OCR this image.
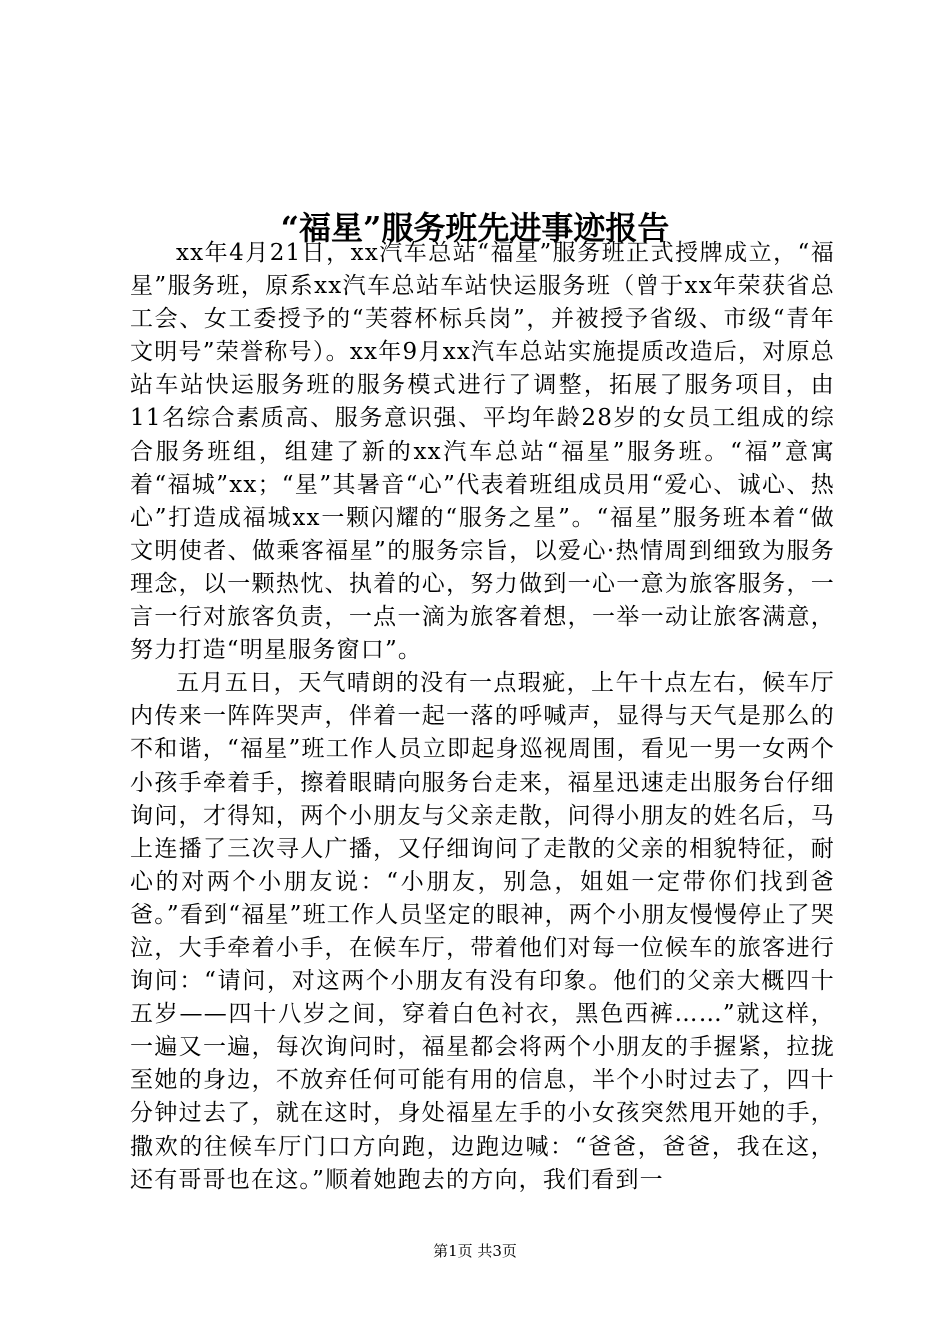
“福星”服务班先进事迹报告

xx年4月21日，xx汽车总站“福星”服务班正式授牌成立，“福星”服务班，原系xx汽车总站车站快运服务班（曾于xx年荣获省总工会、女工委授予的“芙蓉杯标兵岗”，并被授予省级、市级“青年文明号”荣誉称号）。xx年9月xx汽车总站实施提质改造后，对原总站车站快运服务班的服务模式进行了调整，拓展了服务项目，由11名综合素质高、服务意识强、平均年龄28岁的女员工组成的综合服务班组，组建了新的xx汽车总站“福星”服务班。“福”意寓着“福城”xx；“星”其暑音“心”代表着班组成员用“爱心、诚心、热心”打造成福城xx一颗闪耀的“服务之星”。“福星”服务班本着“做文明使者、做乘客福星”的服务宗旨，以爱心·热情周到细致为服务理念，以一颗热忱、执着的心，努力做到一心一意为旅客服务，一言一行对旅客负责，一点一滴为旅客着想，一举一动让旅客满意，努力打造“明星服务窗口”。

五月五日，天气晴朗的没有一点瑕疵，上午十点左右，候车厅内传来一阵阵哭声，伴着一起一落的呼喊声，显得与天气是那么的不和谐，“福星”班工作人员立即起身巡视周围，看见一男一女两个小孩手牵着手，擦着眼睛向服务台走来，福星迅速走出服务台仔细询问，才得知，两个小朋友与父亲走散，问得小朋友的姓名后，马上连播了三次寻人广播，又仔细询问了走散的父亲的相貌特征，耐心的对两个小朋友说：“小朋友，别急，姐姐一定带你们找到爸爸。”看到“福星”班工作人员坚定的眼神，两个小朋友慢慢停止了哭泣，大手牵着小手，在候车厅，带着他们对每一位候车的旅客进行询问：“请问，对这两个小朋友有没有印象。他们的父亲大概四十五岁——四十八岁之间，穿着白色衬衣，黑色西裤……”就这样，一遍又一遍，每次询问时，福星都会将两个小朋友的手握紧，拉拢至她的身边，不放弃任何可能有用的信息，半个小时过去了，四十分钟过去了，就在这时，身处福星左手的小女孩突然甩开她的手，撒欢的往候车厅门口方向跑，边跑边喊：“爸爸，爸爸，我在这，还有哥哥也在这。”顺着她跑去的方向，我们看到一

第1页 共3页
